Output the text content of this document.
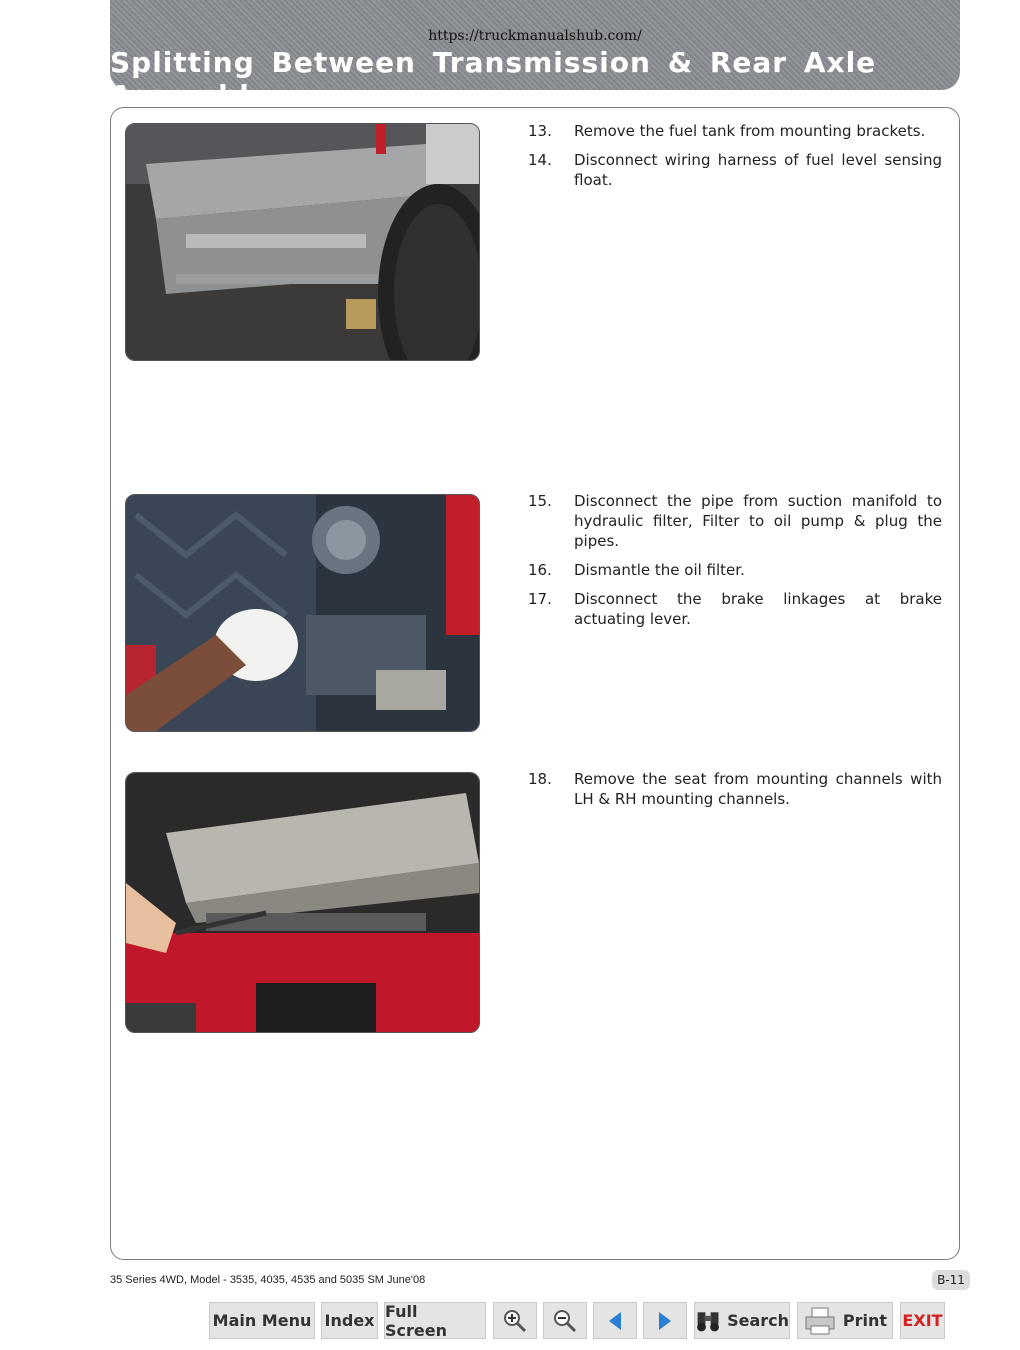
https://truckmanualshub.com/
Splitting Between Transmission & Rear Axle Assembly
13.	Remove the fuel tank from mounting brackets.
14.	Disconnect wiring harness of fuel level sensing float.
15.	Disconnect the pipe from suction manifold to hydraulic filter, Filter to oil pump & plug the pipes.
16.	Dismantle the oil filter.
17.	Disconnect the brake linkages at brake actuating lever.
18.	Remove the seat from mounting channels with LH & RH mounting channels.
35 Series 4WD, Model - 3535, 4035, 4535 and 5035 SM June'08	B-11
Main Menu Index Full Screen	Search	Print EXIT
